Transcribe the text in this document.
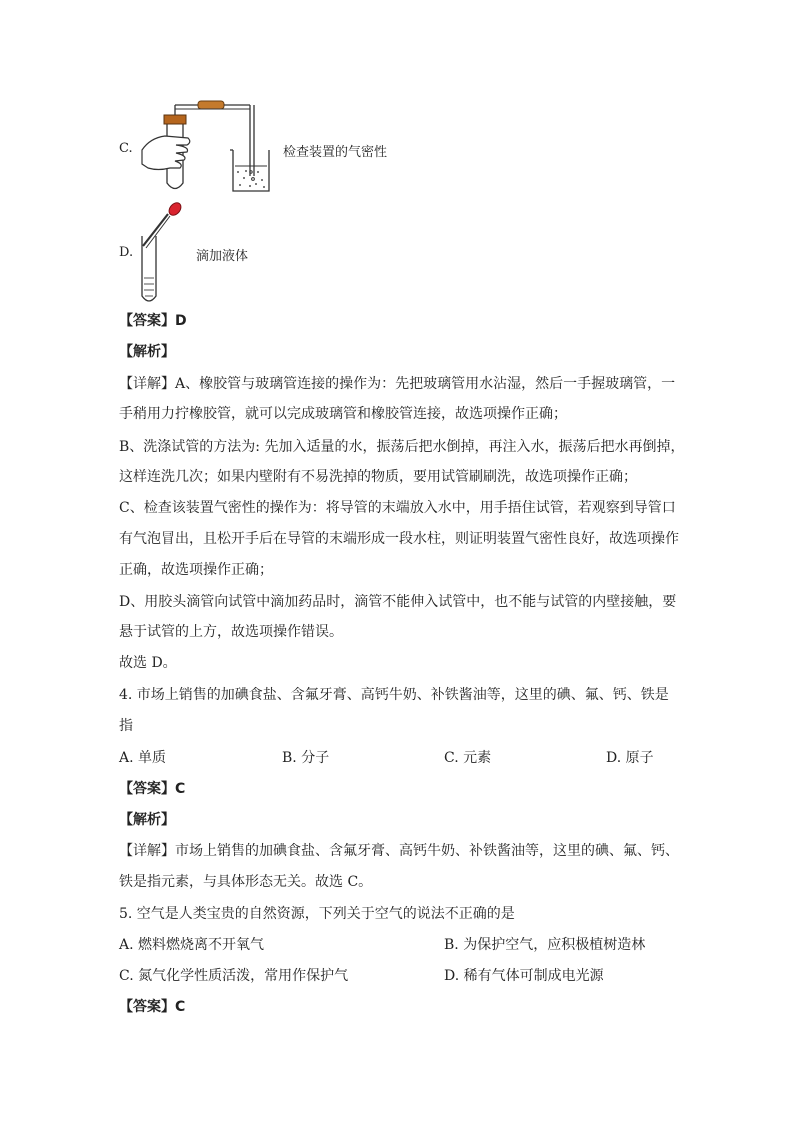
C.	检查装置的气密性
D.	滴加液体
【答案】D
【解析】
【详解】A、橡胶管与玻璃管连接的操作为：先把玻璃管用水沾湿，然后一手握玻璃管，一
手稍用力拧橡胶管，就可以完成玻璃管和橡胶管连接，故选项操作正确；
B、洗涤试管的方法为: 先加入适量的水，振荡后把水倒掉，再注入水，振荡后把水再倒掉，
这样连洗几次；如果内壁附有不易洗掉的物质，要用试管刷刷洗，故选项操作正确；
C、检查该装置气密性的操作为：将导管的末端放入水中，用手捂住试管，若观察到导管口
有气泡冒出，且松开手后在导管的末端形成一段水柱，则证明装置气密性良好，故选项操作
正确，故选项操作正确；
D、用胶头滴管向试管中滴加药品时，滴管不能伸入试管中，也不能与试管的内壁接触，要
悬于试管的上方，故选项操作错误。
故选 D。
4. 市场上销售的加碘食盐、含氟牙膏、高钙牛奶、补铁酱油等，这里的碘、氟、钙、铁是
指
A. 单质	B. 分子	C. 元素	D. 原子
【答案】C
【解析】
【详解】市场上销售的加碘食盐、含氟牙膏、高钙牛奶、补铁酱油等，这里的碘、氟、钙、
铁是指元素，与具体形态无关。故选 C。
5. 空气是人类宝贵的自然资源，下列关于空气的说法不正确的是
A. 燃料燃烧离不开氧气	B. 为保护空气，应积极植树造林
C. 氮气化学性质活泼，常用作保护气	D. 稀有气体可制成电光源
【答案】C
